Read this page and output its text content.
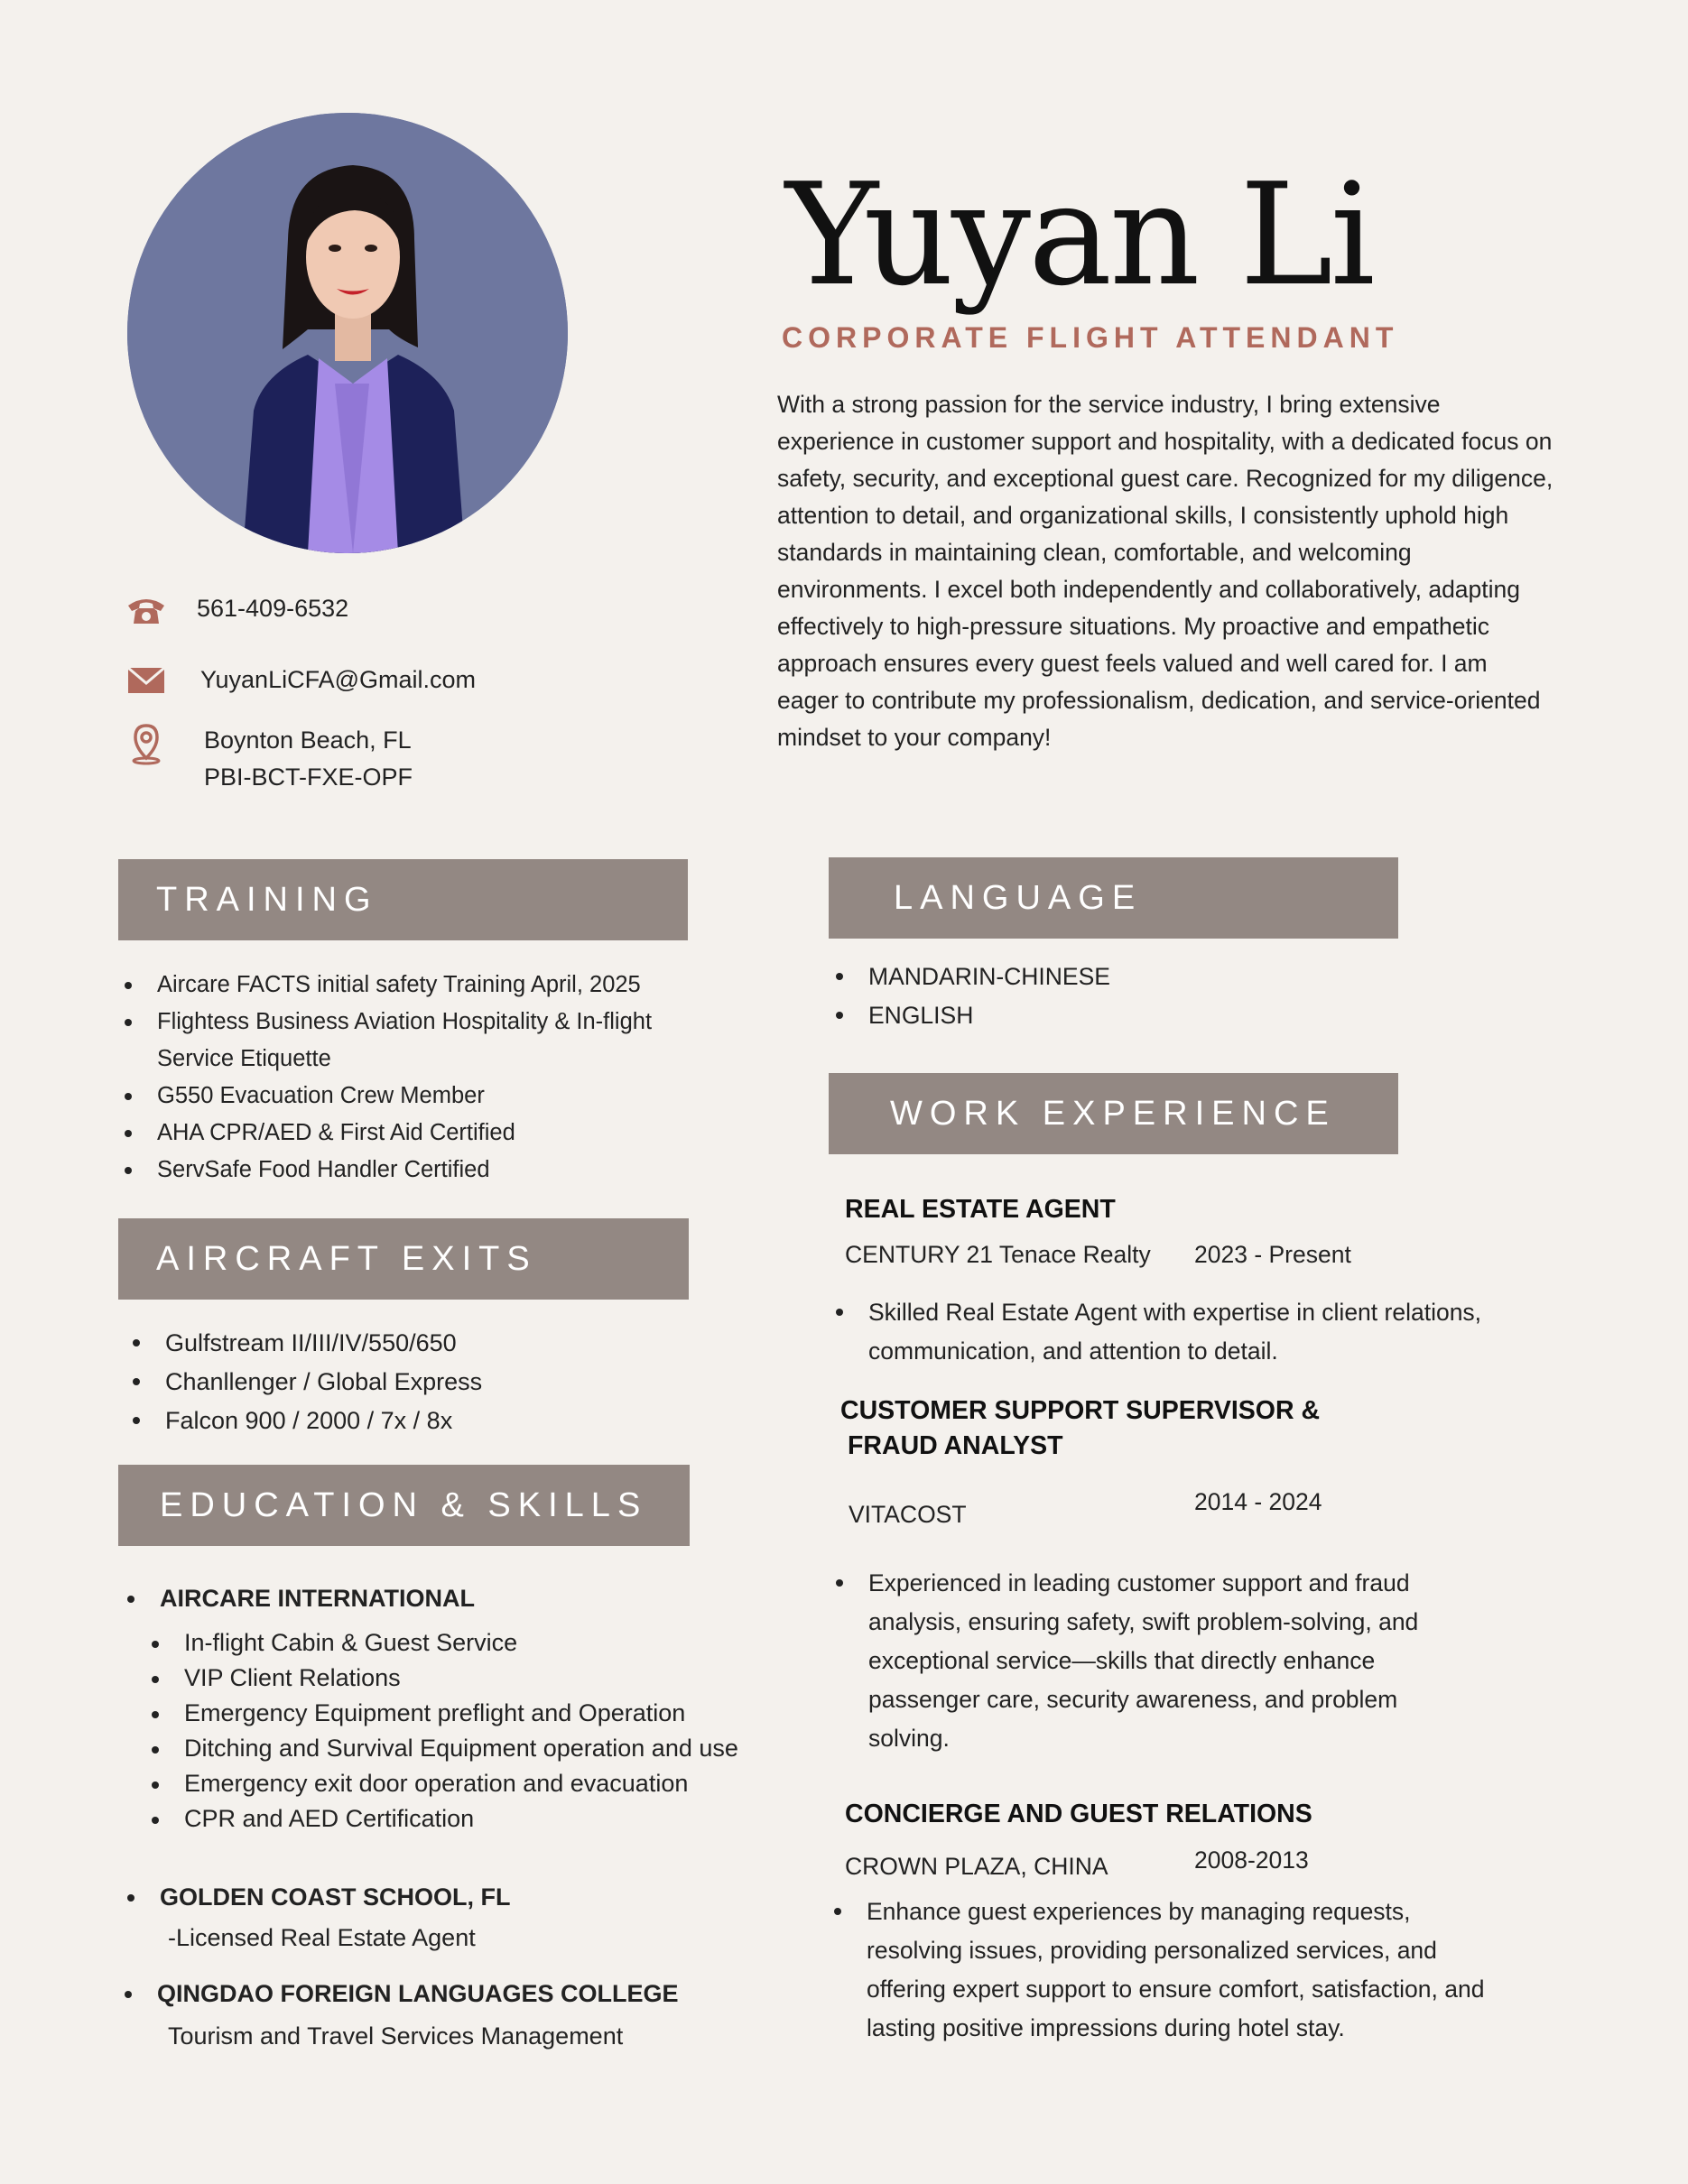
Yuyan Li
CORPORATE FLIGHT ATTENDANT

With a strong passion for the service industry, I bring extensive experience in customer support and hospitality, with a dedicated focus on safety, security, and exceptional guest care. Recognized for my diligence, attention to detail, and organizational skills, I consistently uphold high standards in maintaining clean, comfortable, and welcoming environments. I excel both independently and collaboratively, adapting effectively to high-pressure situations. My proactive and empathetic approach ensures every guest feels valued and well cared for. I am eager to contribute my professionalism, dedication, and service-oriented mindset to your company!

561-409-6532
YuyanLiCFA@Gmail.com
Boynton Beach, FL
PBI-BCT-FXE-OPF
TRAINING
Aircare FACTS initial safety Training April, 2025
Flightess Business Aviation Hospitality & In-flight Service Etiquette
G550 Evacuation Crew Member
AHA CPR/AED & First Aid Certified
ServSafe Food Handler Certified
AIRCRAFT EXITS
Gulfstream II/III/IV/550/650
Chanllenger / Global Express
Falcon 900 / 2000 / 7x / 8x
EDUCATION & SKILLS
AIRCARE INTERNATIONAL
In-flight Cabin & Guest Service
VIP Client Relations
Emergency Equipment preflight and Operation
Ditching and Survival Equipment operation and use
Emergency exit door operation and evacuation
CPR and AED Certification
GOLDEN COAST SCHOOL, FL
-Licensed Real Estate Agent
QINGDAO FOREIGN LANGUAGES COLLEGE
Tourism and Travel Services Management
LANGUAGE
MANDARIN-CHINESE
ENGLISH
WORK EXPERIENCE
REAL ESTATE AGENT
CENTURY 21 Tenace Realty 2023 - Present
Skilled Real Estate Agent with expertise in client relations, communication, and attention to detail.
CUSTOMER SUPPORT SUPERVISOR &
FRAUD ANALYST
VITACOST	2014 - 2024
Experienced in leading customer support and fraud analysis, ensuring safety, swift problem-solving, and exceptional service—skills that directly enhance passenger care, security awareness, and problem solving.
CONCIERGE AND GUEST RELATIONS
CROWN PLAZA, CHINA	2008-2013
Enhance guest experiences by managing requests, resolving issues, providing personalized services, and offering expert support to ensure comfort, satisfaction, and lasting positive impressions during hotel stay.
